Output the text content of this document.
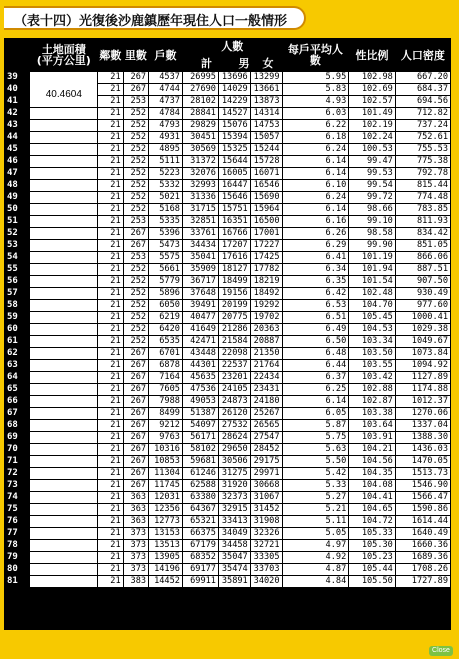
（表十四）光復後沙鹿鎮歷年現住人口一般情形
	土地面積
(平方公里)	鄰數	里數	戶數	人數
計 男 女			每戶平均人數	性比例	人口密度
39	40.4604	21	267	4537	26995	13696	13299	5.95	102.98	667.20
40		21	267	4744	27690	14029	13661	5.83	102.69	684.37
41		21	253	4737	28102	14229	13873	4.93	102.57	694.56
42		21	252	4784	28841	14527	14314	6.03	101.49	712.82
43		21	252	4793	29829	15076	14753	6.22	102.19	737.24
44		21	252	4931	30451	15394	15057	6.18	102.24	752.61
45		21	252	4895	30569	15325	15244	6.24	100.53	755.53
46		21	252	5111	31372	15644	15728	6.14	99.47	775.38
47		21	252	5223	32076	16005	16071	6.14	99.53	792.78
48		21	252	5332	32993	16447	16546	6.10	99.54	815.44
49		21	252	5021	31336	15646	15690	6.24	99.72	774.48
50		21	252	5168	31715	15751	15964	6.14	98.66	783.85
51		21	253	5335	32851	16351	16500	6.16	99.10	811.93
52		21	267	5396	33761	16766	17001	6.26	98.58	834.42
53		21	267	5473	34434	17207	17227	6.29	99.90	851.05
54		21	253	5575	35041	17616	17425	6.41	101.19	866.06
55		21	252	5661	35909	18127	17782	6.34	101.94	887.51
56		21	252	5779	36717	18499	18219	6.35	101.54	907.50
57		21	252	5896	37648	19156	18492	6.42	102.48	930.49
58		21	252	6050	39491	20199	19292	6.53	104.70	977.60
59		21	252	6219	40477	20775	19702	6.51	105.45	1000.41
60		21	252	6420	41649	21286	20363	6.49	104.53	1029.38
61		21	252	6535	42471	21584	20887	6.50	103.34	1049.67
62		21	267	6701	43448	22098	21350	6.48	103.50	1073.84
63		21	267	6878	44301	22537	21764	6.44	103.55	1094.92
64		21	267	7164	45635	23201	22434	6.37	103.42	1127.89
65		21	267	7605	47536	24105	23431	6.25	102.88	1174.88
66		21	267	7988	49053	24873	24180	6.14	102.87	1012.37
67		21	267	8499	51387	26120	25267	6.05	103.38	1270.06
68		21	267	9212	54097	27532	26565	5.87	103.64	1337.04
69		21	267	9763	56171	28624	27547	5.75	103.91	1388.30
70		21	267	10316	58102	29650	28452	5.63	104.21	1436.03
71		21	267	10853	59681	30506	29175	5.50	104.56	1470.05
72		21	267	11304	61246	31275	29971	5.42	104.35	1513.73
73		21	267	11745	62588	31920	30668	5.33	104.08	1546.90
74		21	363	12031	63380	32373	31067	5.27	104.41	1566.47
75		21	363	12356	64367	32915	31452	5.21	104.65	1590.86
76		21	363	12773	65321	33413	31908	5.11	104.72	1614.44
77		21	373	13153	66375	34049	32326	5.05	105.33	1640.49
78		21	373	13513	67179	34458	32721	4.97	105.30	1660.36
79		21	373	13905	68352	35047	33305	4.92	105.23	1689.36
80		21	373	14196	69177	35474	33703	4.87	105.44	1708.26
81		21	383	14452	69911	35891	34020	4.84	105.50	1727.89
Close
